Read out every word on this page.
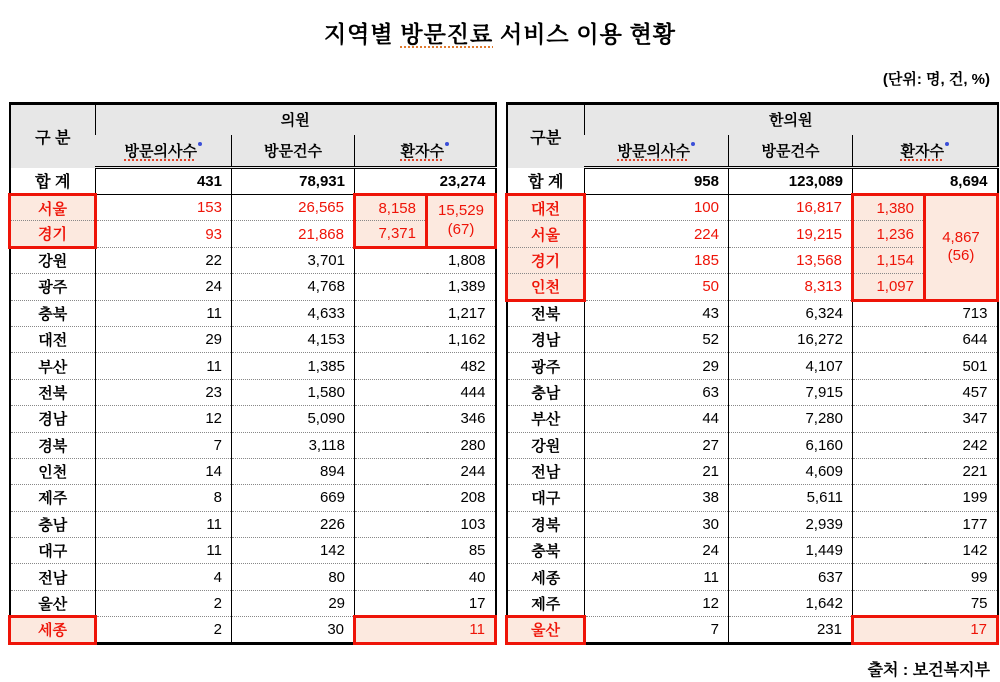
지역별 방문진료 서비스 이용 현황
(단위: 명, 건, %)
구 분	의원			
	방문의사수	방문건수	환자수	
합 계	431	78,931	23,274	
서울	153	26,565	8,158	15,529
(67)

경기	93	21,868	7,371	
강원	22	3,701	1,808	
광주	24	4,768	1,389	
충북	11	4,633	1,217	
대전	29	4,153	1,162	
부산	11	1,385	482	
전북	23	1,580	444	
경남	12	5,090	346	
경북	7	3,118	280	
인천	14	894	244	
제주	8	669	208	
충남	11	226	103	
대구	11	142	85	
전남	4	80	40	
울산	2	29	17	
세종	2	30	11	
구분	한의원			
	방문의사수	방문건수	환자수	
합 계	958	123,089	8,694	
대전	100	16,817	1,380	4,867
(56)

서울	224	19,215	1,236	
경기	185	13,568	1,154	
인천	50	8,313	1,097	
전북	43	6,324	713	
경남	52	16,272	644	
광주	29	4,107	501	
충남	63	7,915	457	
부산	44	7,280	347	
강원	27	6,160	242	
전남	21	4,609	221	
대구	38	5,611	199	
경북	30	2,939	177	
충북	24	1,449	142	
세종	11	637	99	
제주	12	1,642	75	
울산	7	231	17	
출처 : 보건복지부
